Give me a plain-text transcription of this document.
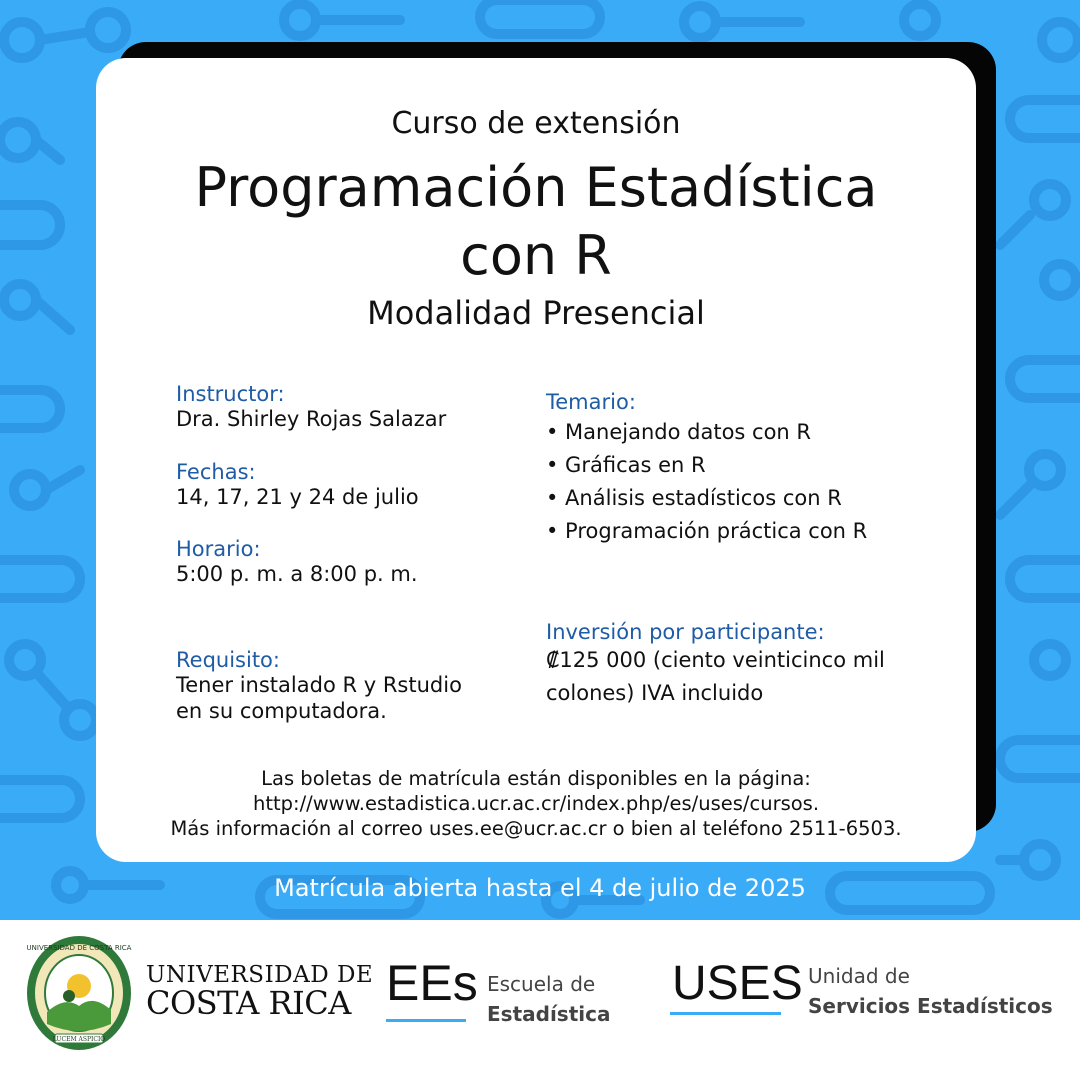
Curso de extensión
Programación Estadística
con R
Modalidad Presencial
Instructor:
Dra. Shirley Rojas Salazar
Fechas:
14, 17, 21 y 24 de julio
Horario:
5:00 p. m. a 8:00 p. m.
Requisito:
Tener instalado R y Rstudio
en su computadora.
Temario:
• Manejando datos con R
• Gráficas en R
• Análisis estadísticos con R
• Programación práctica con R
Inversión por participante:
₡125 000 (ciento veinticinco mil
colones) IVA incluido
Las boletas de matrícula están disponibles en la página:
http://www.estadistica.ucr.ac.cr/index.php/es/uses/cursos.
Más información al correo uses.ee@ucr.ac.cr o bien al teléfono 2511-6503.
Matrícula abierta hasta el 4 de julio de 2025
UNIVERSIDAD DE COSTA RICA
LUCEM ASPICIO
UNIVERSIDAD DE
COSTA RICA EEs Escuela de
Estadística
USES Unidad de
Servicios Estadísticos
